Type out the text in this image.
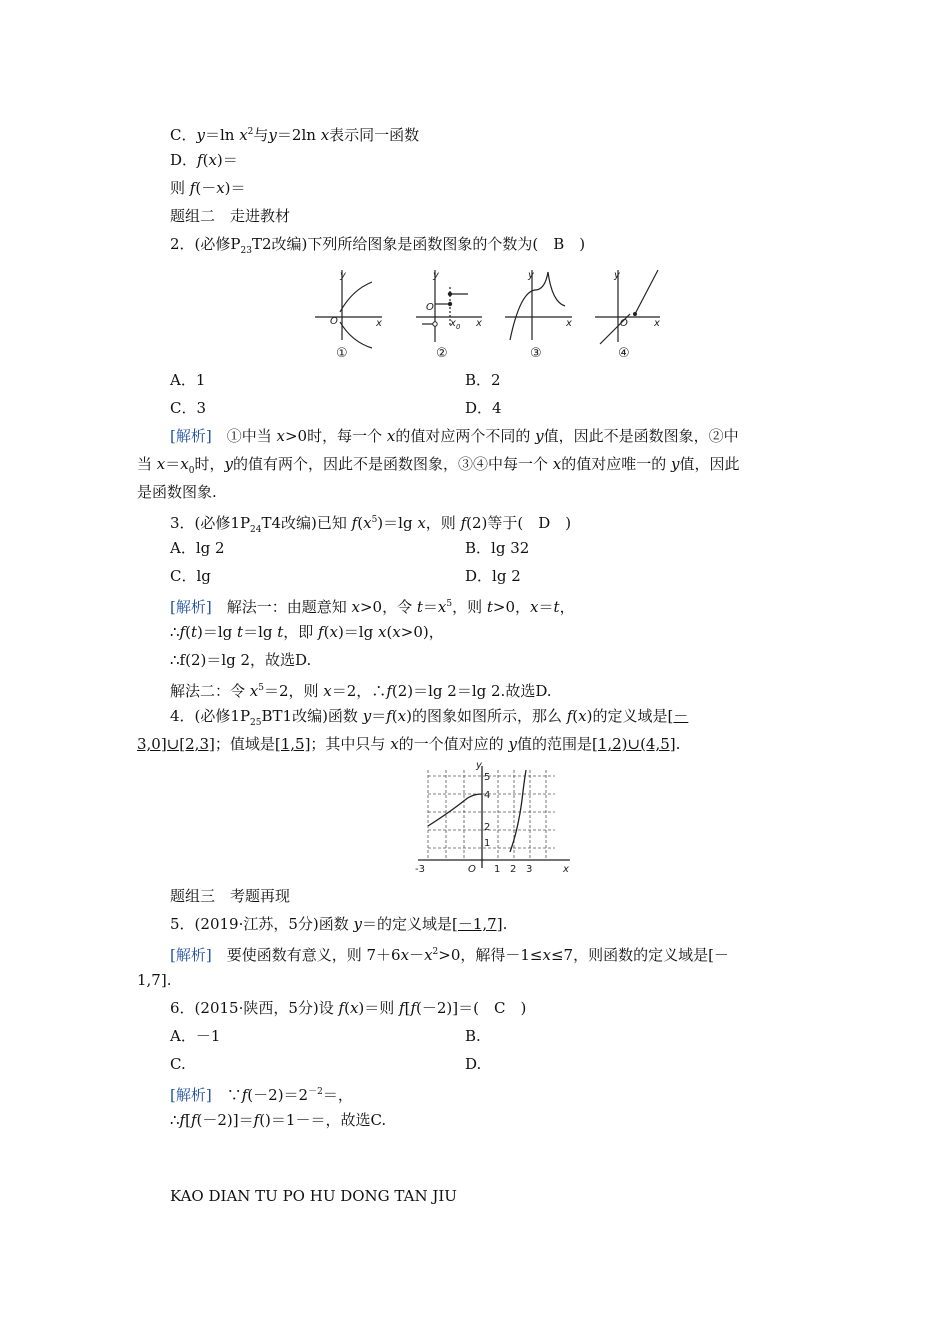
C．y＝ln $x^2$与y＝2ln x表示同一函数
D．f(x)＝
则 f(－x)＝
题组二　走进教材
2．(必修$P_{23}T2$改编)下列所给图象是函数图象的个数为(　B　)
y
x
O
y
x
O
x 0
y
x
y
x
O
①	②	③	④
A．1	B．2
C．3	D．4
[解析]　①中当 x>0时，每一个 x的值对应两个不同的 y值，因此不是函数图象，②中
当 $x=x_0$时，y的值有两个，因此不是函数图象，③④中每一个 x的值对应唯一的 y值，因此
是函数图象.
3．(必修$1P_{24}T4$改编)已知 $f(x^5)=\lg$ x，则 f(2)等于(　D　)
A．lg 2	B．lg 32
C．lg	D．lg 2
[解析]　解法一：由题意知 x>0，令 $t=x^5$，则 t>0，x＝t，
∴f(t)＝lg t＝lg t，即 f(x)＝lg x(x>0)，
∴f(2)＝lg 2，故选D.
解法二：令 $x^5=2$，则 x＝2，∴f(2)＝lg 2＝lg 2.故选D.
4．(必修$1P_{25}BT1$改编)函数 y＝f(x)的图象如图所示，那么 f(x)的定义域是[－
3,0]∪[2,3]；值域是[1,5]；其中只与 x的一个值对应的 y值的范围是[1,2)∪(4,5].
y
x
O
-3	1 2 3
5
4
2
1
题组三　考题再现
5．(2019·江苏，5分)函数 y＝的定义域是[－1,7].
[解析]　要使函数有意义，则 $7+6x-x^2>0$，解得－1≤x≤7，则函数的定义域是[－
1,7].
6．(2015·陕西，5分)设 f(x)＝则 f[f(－2)]＝(　C　)
A．－1	B.
C.	D.
[解析]　$\because f(-2)=2^{-2}=$，
∴f[f(－2)]＝f()＝1－＝，故选C.
KAO DIAN TU PO HU DONG TAN JIU
